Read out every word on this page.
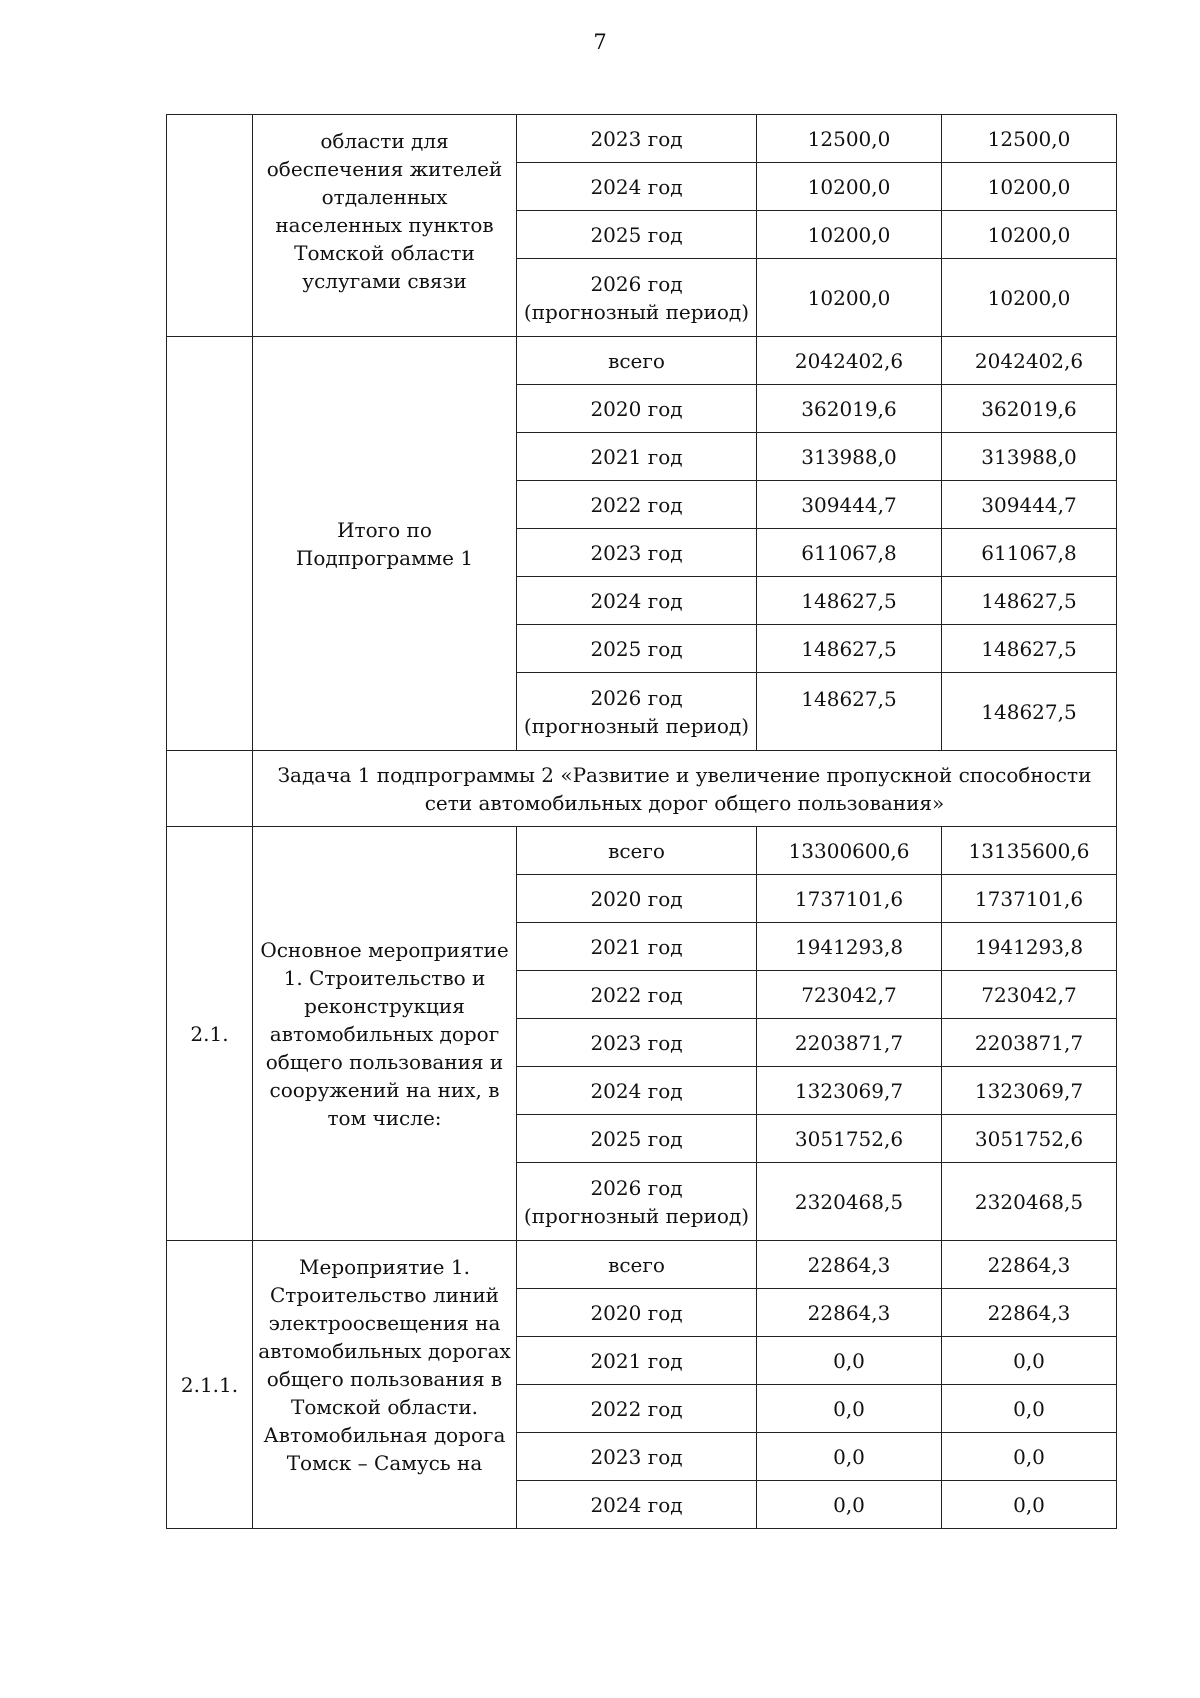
7
	области для обеспечения жителей отдаленных населенных пунктов Томской области услугами связи	2023 год	12500,0	12500,0
		2024 год	10200,0	10200,0
		2025 год	10200,0	10200,0
		2026 год (прогнозный период)	10200,0	10200,0
	Итого по Подпрограмме 1	всего	2042402,6	2042402,6
		2020 год	362019,6	362019,6
		2021 год	313988,0	313988,0
		2022 год	309444,7	309444,7
		2023 год	611067,8	611067,8
		2024 год	148627,5	148627,5
		2025 год	148627,5	148627,5
		2026 год (прогнозный период)	148627,5	148627,5
	Задача 1 подпрограммы 2 «Развитие и увеличение пропускной способности сети автомобильных дорог общего пользования»			
2.1.	Основное мероприятие 1. Строительство и реконструкция автомобильных дорог общего пользования и сооружений на них, в том числе:	всего	13300600,6	13135600,6
		2020 год	1737101,6	1737101,6
		2021 год	1941293,8	1941293,8
		2022 год	723042,7	723042,7
		2023 год	2203871,7	2203871,7
		2024 год	1323069,7	1323069,7
		2025 год	3051752,6	3051752,6
		2026 год (прогнозный период)	2320468,5	2320468,5
2.1.1.	Мероприятие 1. Строительство линий электроосвещения на автомобильных дорогах общего пользования в Томской области. Автомобильная дорога Томск – Самусь на	всего	22864,3	22864,3
		2020 год	22864,3	22864,3
		2021 год	0,0	0,0
		2022 год	0,0	0,0
		2023 год	0,0	0,0
		2024 год	0,0	0,0
